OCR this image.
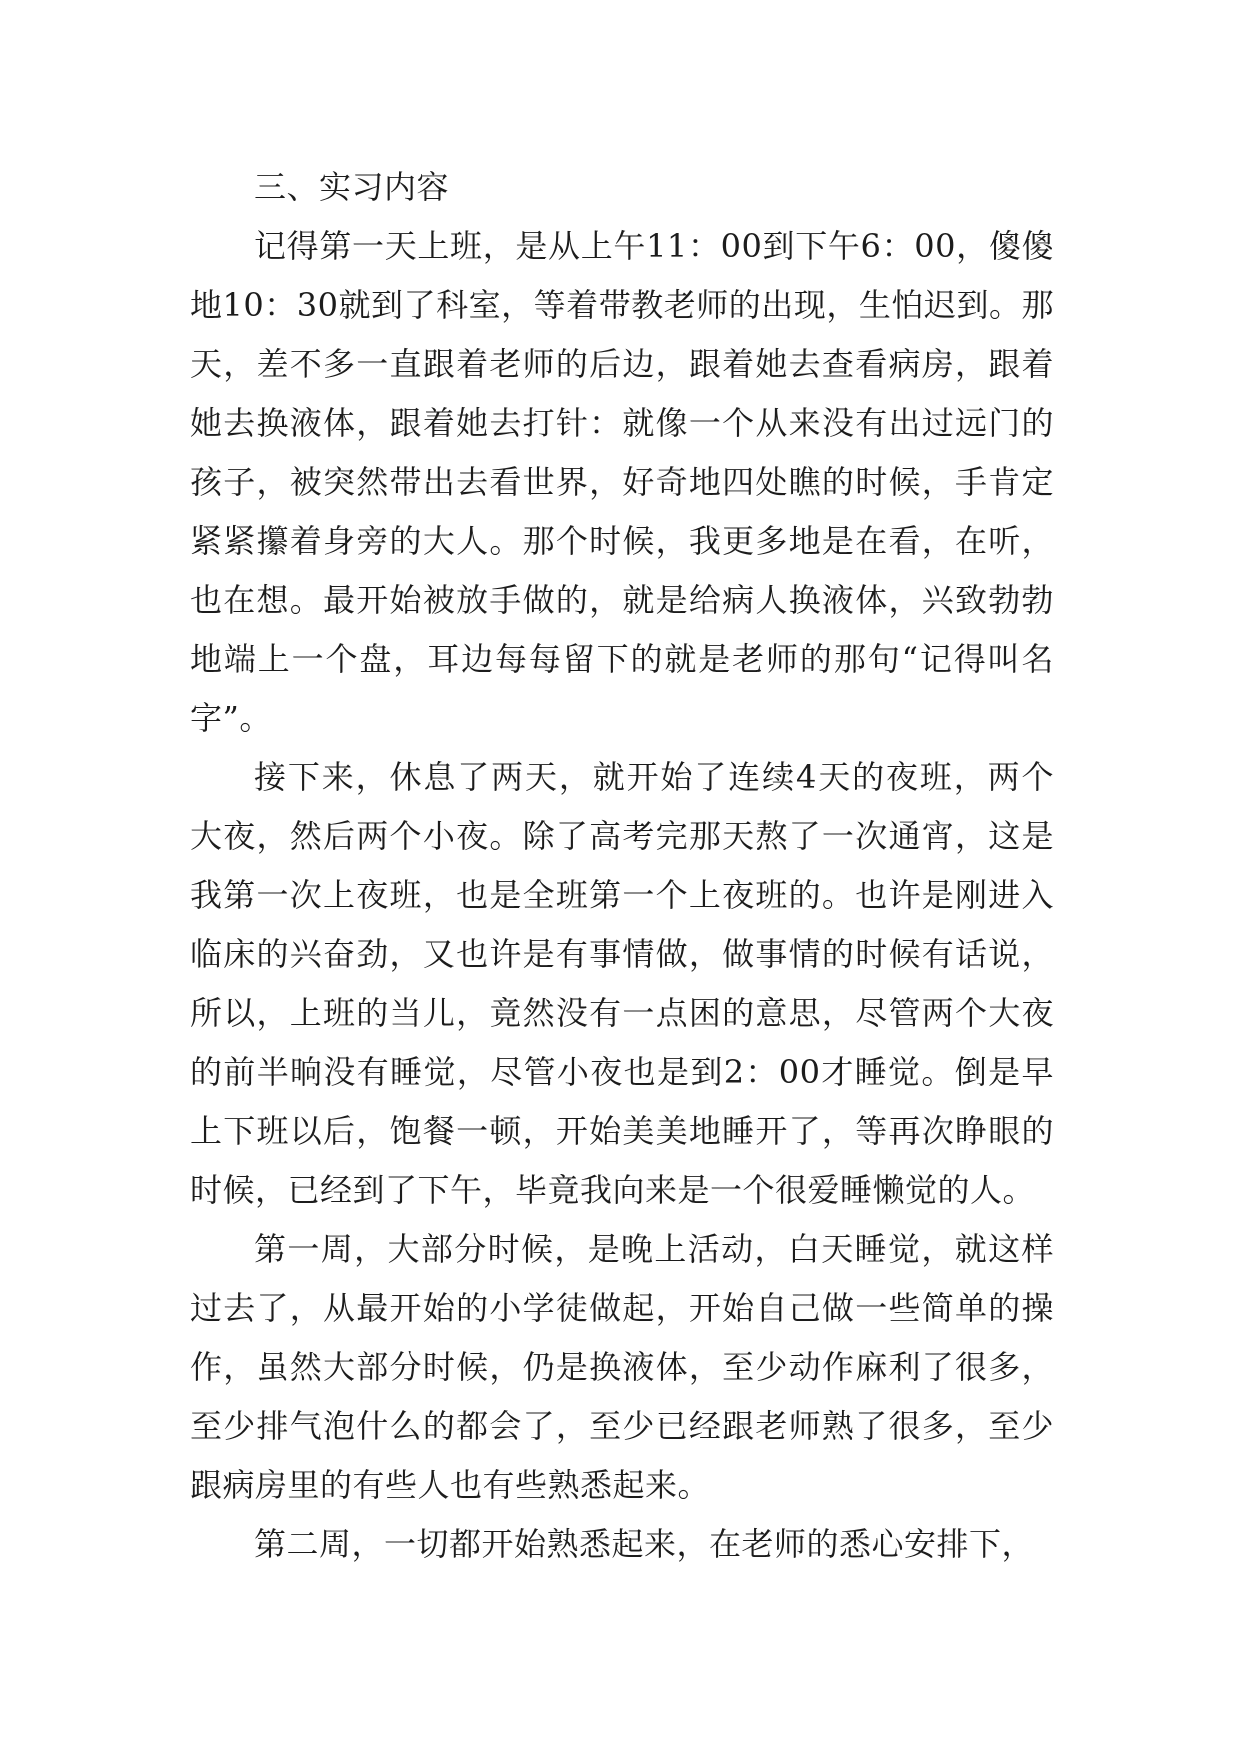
三、实习内容

记得第一天上班，是从上午11：00到下午6：00，傻傻地10：30就到了科室，等着带教老师的出现，生怕迟到。那天，差不多一直跟着老师的后边，跟着她去查看病房，跟着她去换液体，跟着她去打针：就像一个从来没有出过远门的孩子，被突然带出去看世界，好奇地四处瞧的时候，手肯定紧紧攥着身旁的大人。那个时候，我更多地是在看，在听，也在想。最开始被放手做的，就是给病人换液体，兴致勃勃地端上一个盘，耳边每每留下的就是老师的那句“记得叫名字”。

接下来，休息了两天，就开始了连续4天的夜班，两个大夜，然后两个小夜。除了高考完那天熬了一次通宵，这是我第一次上夜班，也是全班第一个上夜班的。也许是刚进入临床的兴奋劲，又也许是有事情做，做事情的时候有话说，所以，上班的当儿，竟然没有一点困的意思，尽管两个大夜的前半晌没有睡觉，尽管小夜也是到2：00才睡觉。倒是早上下班以后，饱餐一顿，开始美美地睡开了，等再次睁眼的时候，已经到了下午，毕竟我向来是一个很爱睡懒觉的人。

第一周，大部分时候，是晚上活动，白天睡觉，就这样过去了，从最开始的小学徒做起，开始自己做一些简单的操作，虽然大部分时候，仍是换液体，至少动作麻利了很多，至少排气泡什么的都会了，至少已经跟老师熟了很多，至少跟病房里的有些人也有些熟悉起来。

第二周，一切都开始熟悉起来，在老师的悉心安排下，
